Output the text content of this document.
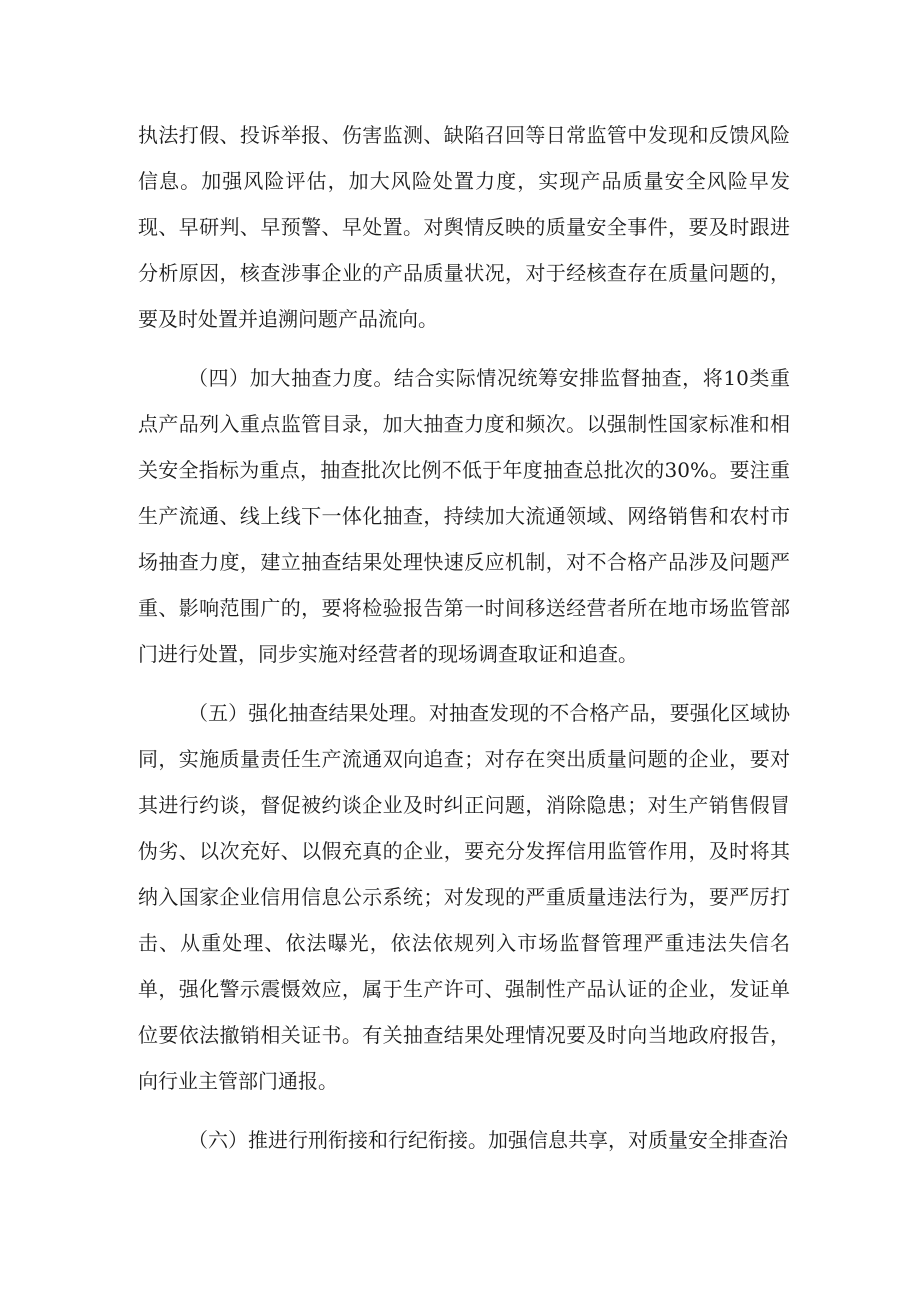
执法打假、投诉举报、伤害监测、缺陷召回等日常监管中发现和反馈风险信息。加强风险评估，加大风险处置力度，实现产品质量安全风险早发现、早研判、早预警、早处置。对舆情反映的质量安全事件，要及时跟进分析原因，核查涉事企业的产品质量状况，对于经核查存在质量问题的，要及时处置并追溯问题产品流向。

（四）加大抽查力度。结合实际情况统筹安排监督抽查，将10类重点产品列入重点监管目录，加大抽查力度和频次。以强制性国家标准和相关安全指标为重点，抽查批次比例不低于年度抽查总批次的30%。要注重生产流通、线上线下一体化抽查，持续加大流通领域、网络销售和农村市场抽查力度，建立抽查结果处理快速反应机制，对不合格产品涉及问题严重、影响范围广的，要将检验报告第一时间移送经营者所在地市场监管部门进行处置，同步实施对经营者的现场调查取证和追查。

（五）强化抽查结果处理。对抽查发现的不合格产品，要强化区域协同，实施质量责任生产流通双向追查；对存在突出质量问题的企业，要对其进行约谈，督促被约谈企业及时纠正问题，消除隐患；对生产销售假冒伪劣、以次充好、以假充真的企业，要充分发挥信用监管作用，及时将其纳入国家企业信用信息公示系统；对发现的严重质量违法行为，要严厉打击、从重处理、依法曝光，依法依规列入市场监督管理严重违法失信名单，强化警示震慑效应，属于生产许可、强制性产品认证的企业，发证单位要依法撤销相关证书。有关抽查结果处理情况要及时向当地政府报告，向行业主管部门通报。

（六）推进行刑衔接和行纪衔接。加强信息共享，对质量安全排查治
